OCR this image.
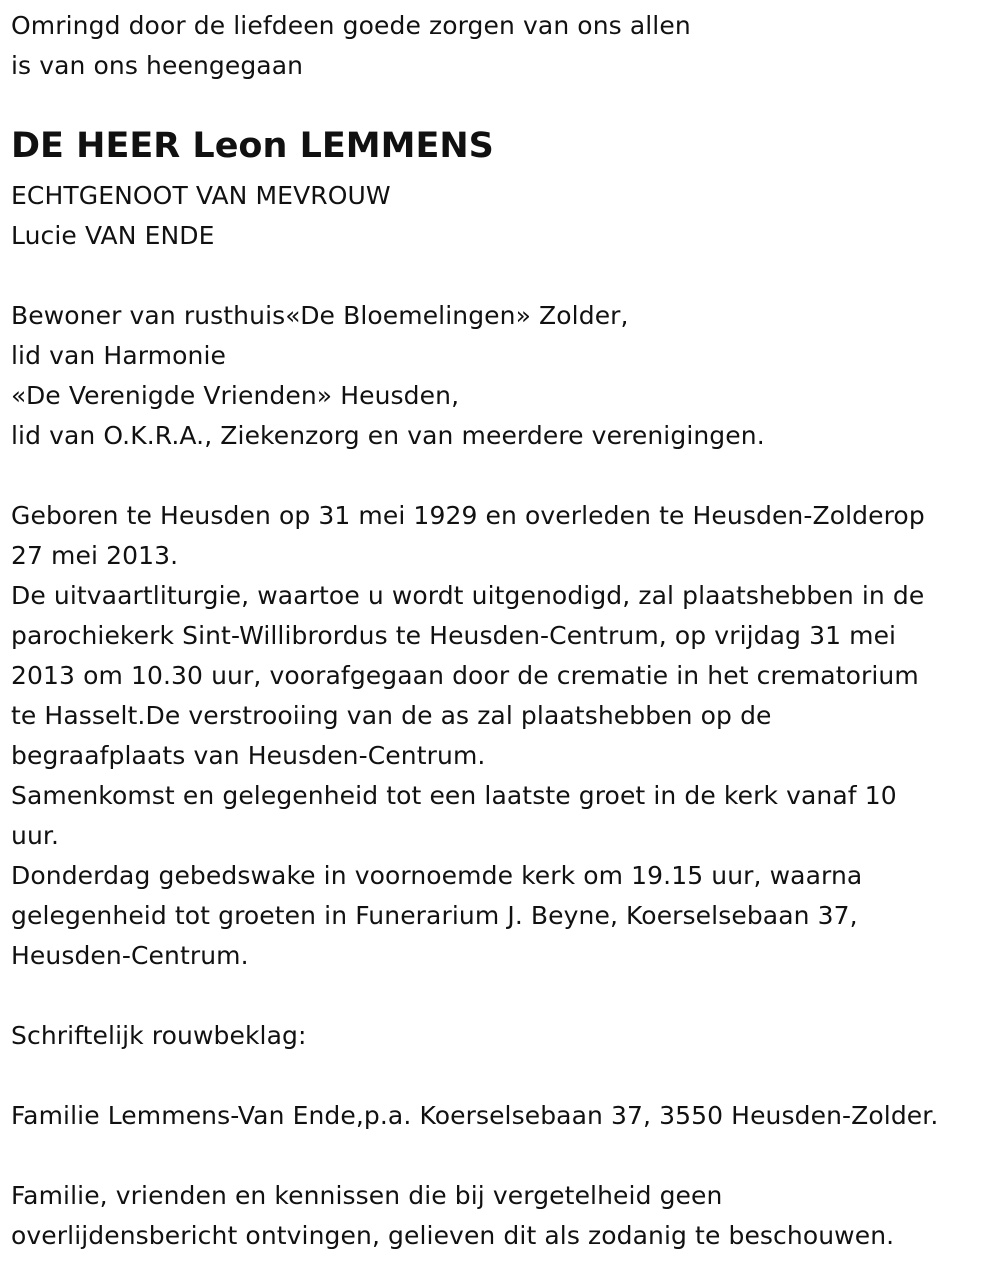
Omringd door de liefdeen goede zorgen van ons allen
is van ons heengegaan
DE HEER Leon LEMMENS
ECHTGENOOT VAN MEVROUW
Lucie VAN ENDE
Bewoner van rusthuis«De Bloemelingen» Zolder,
lid van Harmonie
«De Verenigde Vrienden» Heusden,
lid van O.K.R.A., Ziekenzorg en van meerdere verenigingen.
Geboren te Heusden op 31 mei 1929 en overleden te Heusden-Zolderop
27 mei 2013.
De uitvaartliturgie, waartoe u wordt uitgenodigd, zal plaatshebben in de
parochiekerk Sint-Willibrordus te Heusden-Centrum, op vrijdag 31 mei
2013 om 10.30 uur, voorafgegaan door de crematie in het crematorium
te Hasselt.De verstrooiing van de as zal plaatshebben op de
begraafplaats van Heusden-Centrum.
Samenkomst en gelegenheid tot een laatste groet in de kerk vanaf 10
uur.
Donderdag gebedswake in voornoemde kerk om 19.15 uur, waarna
gelegenheid tot groeten in Funerarium J. Beyne, Koerselsebaan 37,
Heusden-Centrum.
Schriftelijk rouwbeklag:
Familie Lemmens-Van Ende,p.a. Koerselsebaan 37, 3550 Heusden-Zolder.
Familie, vrienden en kennissen die bij vergetelheid geen
overlijdensbericht ontvingen, gelieven dit als zodanig te beschouwen.
